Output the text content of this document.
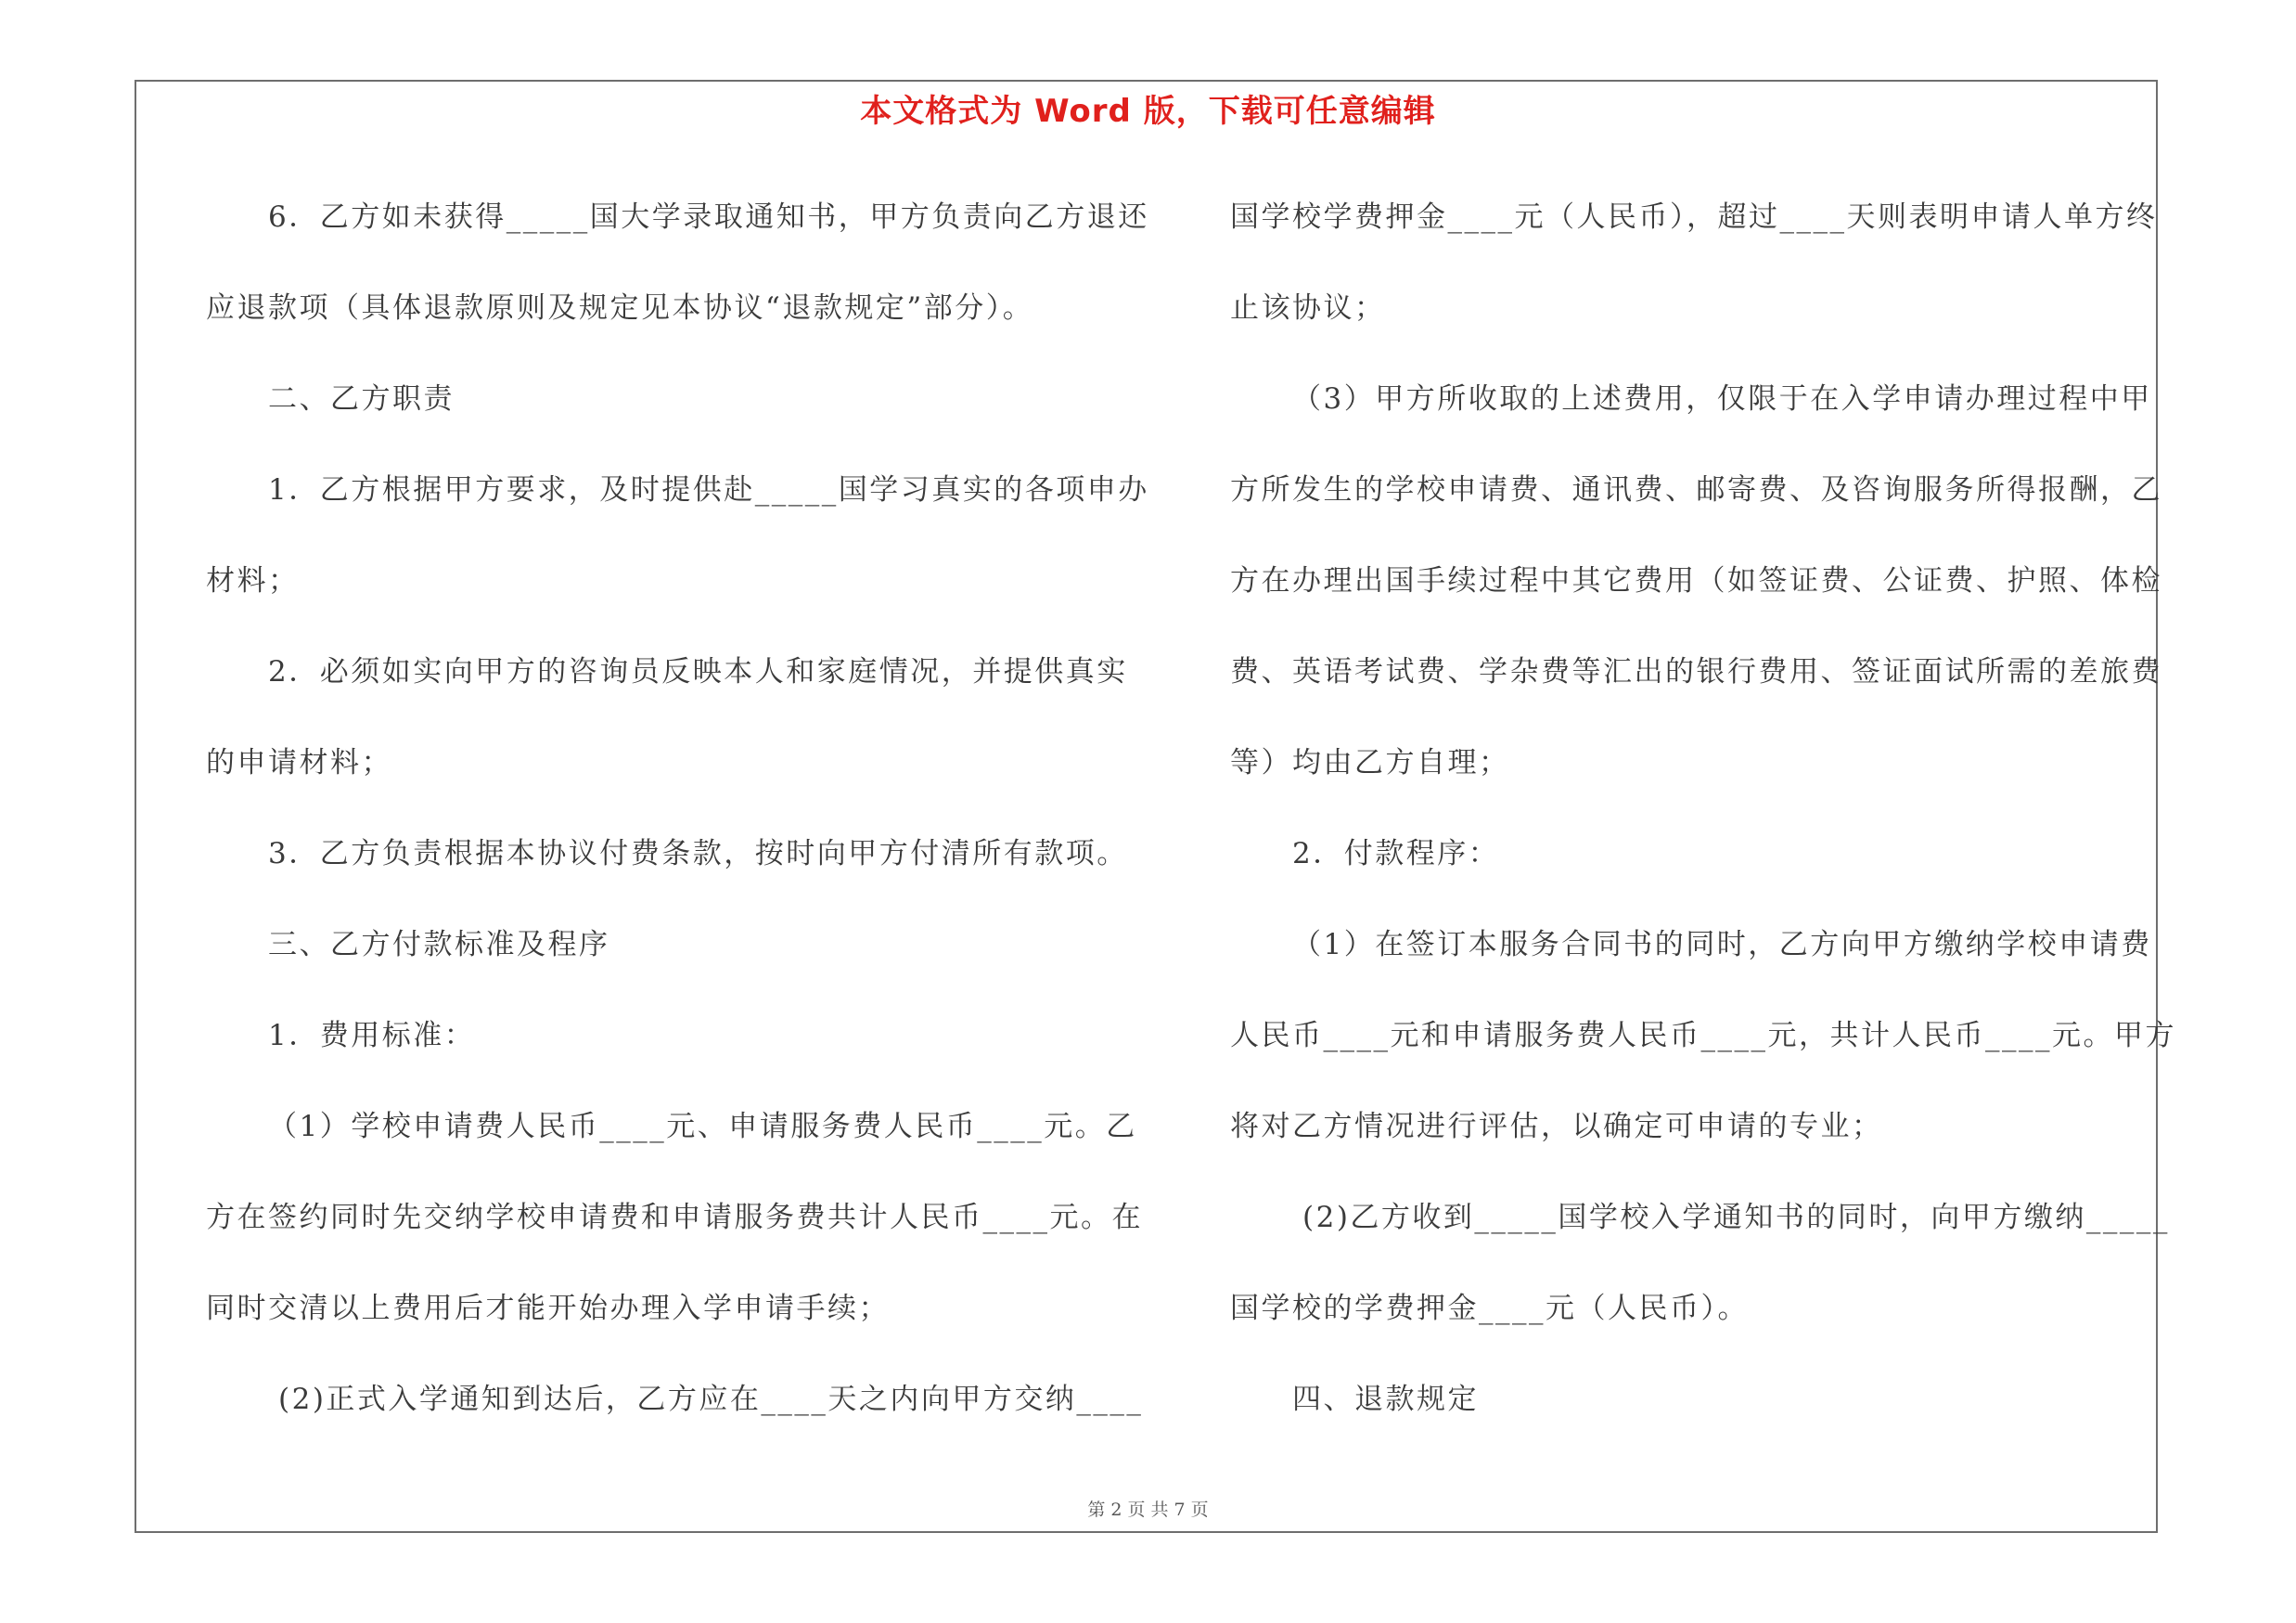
本文格式为 Word 版，下载可任意编辑
6．乙方如未获得_____国大学录取通知书，甲方负责向乙方退还
应退款项（具体退款原则及规定见本协议“退款规定”部分）。
二、乙方职责
1．乙方根据甲方要求，及时提供赴_____国学习真实的各项申办
材料；
2．必须如实向甲方的咨询员反映本人和家庭情况，并提供真实
的申请材料；
3．乙方负责根据本协议付费条款，按时向甲方付清所有款项。
三、乙方付款标准及程序
1．费用标准：
（1）学校申请费人民币____元、申请服务费人民币____元。乙
方在签约同时先交纳学校申请费和申请服务费共计人民币____元。在
同时交清以上费用后才能开始办理入学申请手续；
(2)正式入学通知到达后，乙方应在____天之内向甲方交纳____
国学校学费押金____元（人民币），超过____天则表明申请人单方终
止该协议；
（3）甲方所收取的上述费用，仅限于在入学申请办理过程中甲
方所发生的学校申请费、通讯费、邮寄费、及咨询服务所得报酬，乙
方在办理出国手续过程中其它费用（如签证费、公证费、护照、体检
费、英语考试费、学杂费等汇出的银行费用、签证面试所需的差旅费
等）均由乙方自理；
2．付款程序：
（1）在签订本服务合同书的同时，乙方向甲方缴纳学校申请费
人民币____元和申请服务费人民币____元，共计人民币____元。甲方
将对乙方情况进行评估，以确定可申请的专业；
(2)乙方收到_____国学校入学通知书的同时，向甲方缴纳_____
国学校的学费押金____元（人民币）。
四、退款规定
第 2 页 共 7 页
